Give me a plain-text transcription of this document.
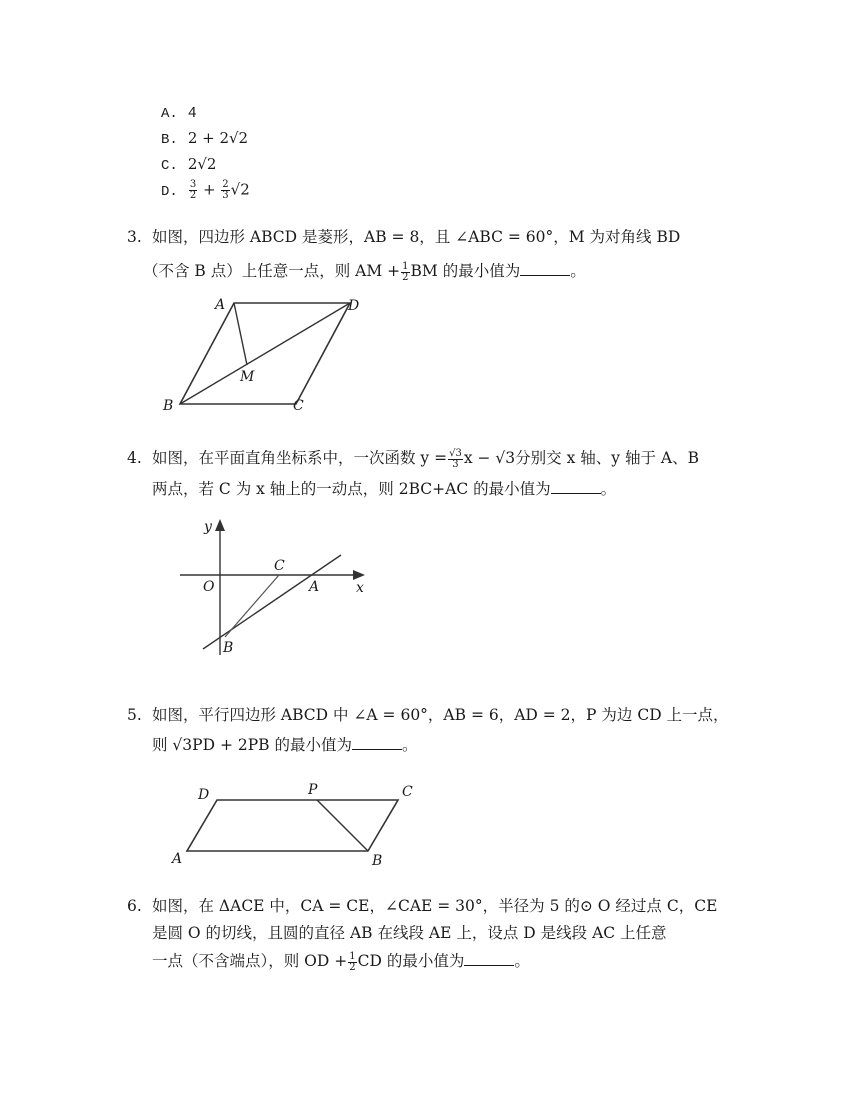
A. 4
B. 2 + 2√2
C. 2√2
D. $\frac{3}{2} + \frac{2}{3} √2$
3. 如图，四边形 ABCD 是菱形，AB = 8，且 ∠ABC = 60°，M 为对角线 BD
（不含 B 点）上任意一点，则 AM + $\frac{1}{2}$ BM 的最小值为	。
A	D
M
B	C
4. 如图，在平面直角坐标系中，一次函数 $y = \frac{√3}{3}$ x − √3分别交 x 轴、y 轴于 A、B
两点，若 C 为 x 轴上的一动点，则 2BC+AC 的最小值为	。
y
x
O
C
A
B
5. 如图，平行四边形 ABCD 中 ∠A = 60°，AB = 6，AD = 2，P 为边 CD 上一点，
则 √3PD + 2PB 的最小值为	。
D	P	C
A	B
6. 如图，在 ΔACE 中，CA = CE，∠CAE = 30°，半径为 5 的⊙ O 经过点 C，CE
是圆 O 的切线，且圆的直径 AB 在线段 AE 上，设点 D 是线段 AC 上任意
一点（不含端点），则 OD + $\frac{1}{2}$ CD 的最小值为	。
